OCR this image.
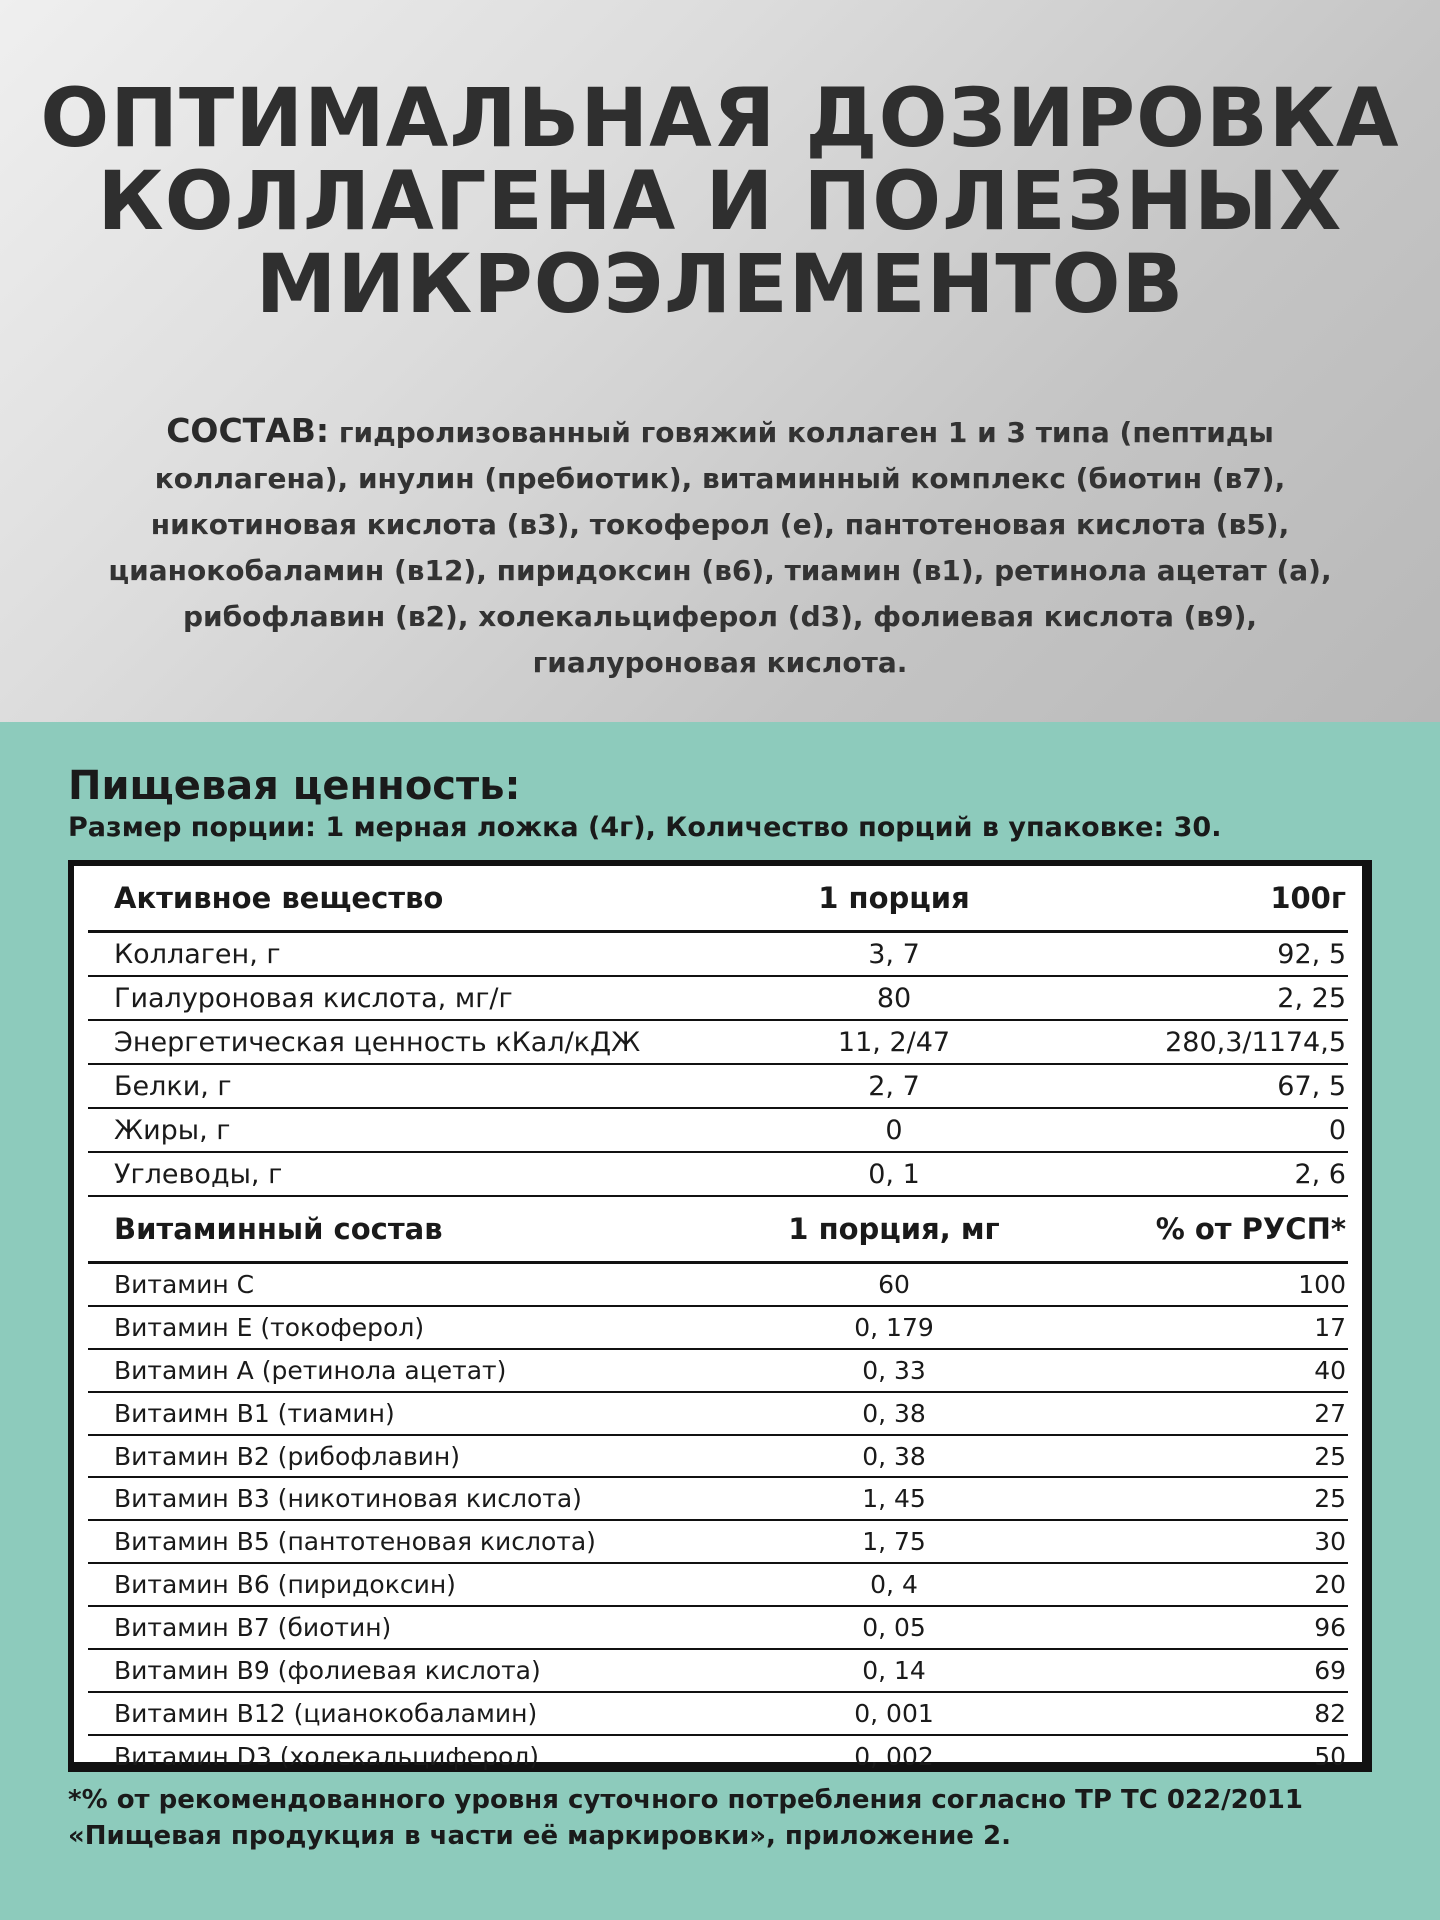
ОПТИМАЛЬНАЯ ДОЗИРОВКА
КОЛЛАГЕНА И ПОЛЕЗНЫХ
МИКРОЭЛЕМЕНТОВ
СОСТАВ: гидролизованный говяжий коллаген 1 и 3 типа (пептиды
коллагена), инулин (пребиотик), витаминный комплекс (биотин (в7),
никотиновая кислота (в3), токоферол (е), пантотеновая кислота (в5),
цианокобаламин (в12), пиридоксин (в6), тиамин (в1), ретинола ацетат (а),
рибофлавин (в2), холекальциферол (d3), фолиевая кислота (в9),
гиалуроновая кислота.
Пищевая ценность:
Размер порции: 1 мерная ложка (4г), Количество порций в упаковке: 30.
Активное вещество	1 порция	100г
Коллаген, г	3, 7	92, 5
Гиалуроновая кислота, мг/г	80	2, 25
Энергетическая ценность кКал/кДЖ	11, 2/47	280,3/1174,5
Белки, г	2, 7	67, 5
Жиры, г	0	0
Углеводы, г	0, 1	2, 6
Витаминный состав	1 порция, мг	% от РУСП*
Витамин С	60	100
Витамин Е (токоферол)	0, 179	17
Витамин А (ретинола ацетат)	0, 33	40
Витаимн В1 (тиамин)	0, 38	27
Витамин В2 (рибофлавин)	0, 38	25
Витамин В3 (никотиновая кислота)	1, 45	25
Витамин В5 (пантотеновая кислота)	1, 75	30
Витамин В6 (пиридоксин)	0, 4	20
Витамин В7 (биотин)	0, 05	96
Витамин В9 (фолиевая кислота)	0, 14	69
Витамин В12 (цианокобаламин)	0, 001	82
Витамин D3 (холекальциферол)	0, 002	50
*% от рекомендованного уровня суточного потребления согласно ТР ТС 022/2011
«Пищевая продукция в части её маркировки», приложение 2.
